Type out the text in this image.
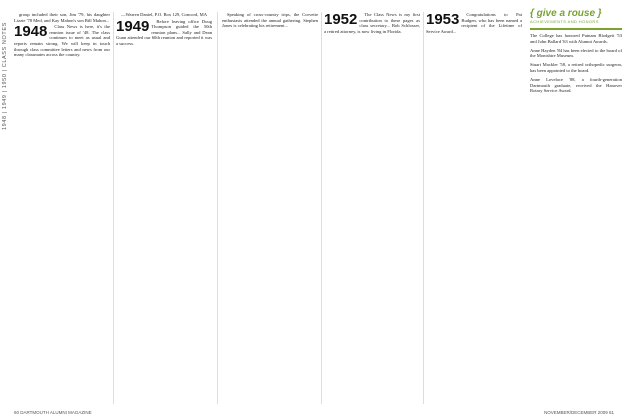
1948 | 1949 | 1950 | CLASS NOTES

group included their son, Jim '79, his daughter Lizzie '78 Med, and Kay Mahon's son Bill Mahon...

1948	Class News is here, it's the reunion issue of '48. The class continues to meet as usual and reports remain strong. We will keep in touch through class committee letters and news from our many classmates across the country.

—Warren Daniel, P.O. Box 129, Concord, MA

1949	Before leaving office Doug Thompson guided the 50th reunion plans... Sally and Dean Gunn attended our 60th reunion and reported it was a success.

Speaking of cross-country trips, the Corvette enthusiasts attended the annual gathering. Stephen Jones is celebrating his retirement...	1952	The Class News is my first contribution to these pages as class secretary... Bob Schlosser, a retired attorney, is now living in Florida.

1953	Congratulations to Pat Budgen, who has been named a recipient of the Lifetime of Service Award...

{ give a rouse }
ACHIEVEMENTS AND HONORS

The College has honored Putnam Blodgett '53 and John Ballard '63 with Alumni Awards.

Anne Hayden '84 has been elected to the board of the Montshire Museum.

Stuart Mackler '58, a retired orthopedic surgeon, has been appointed to the board.

Anne Lovelace '88, a fourth-generation Dartmouth graduate, received the Hanover Rotary Service Award.

60 DARTMOUTH ALUMNI MAGAZINE	NOVEMBER/DECEMBER 2009 61
